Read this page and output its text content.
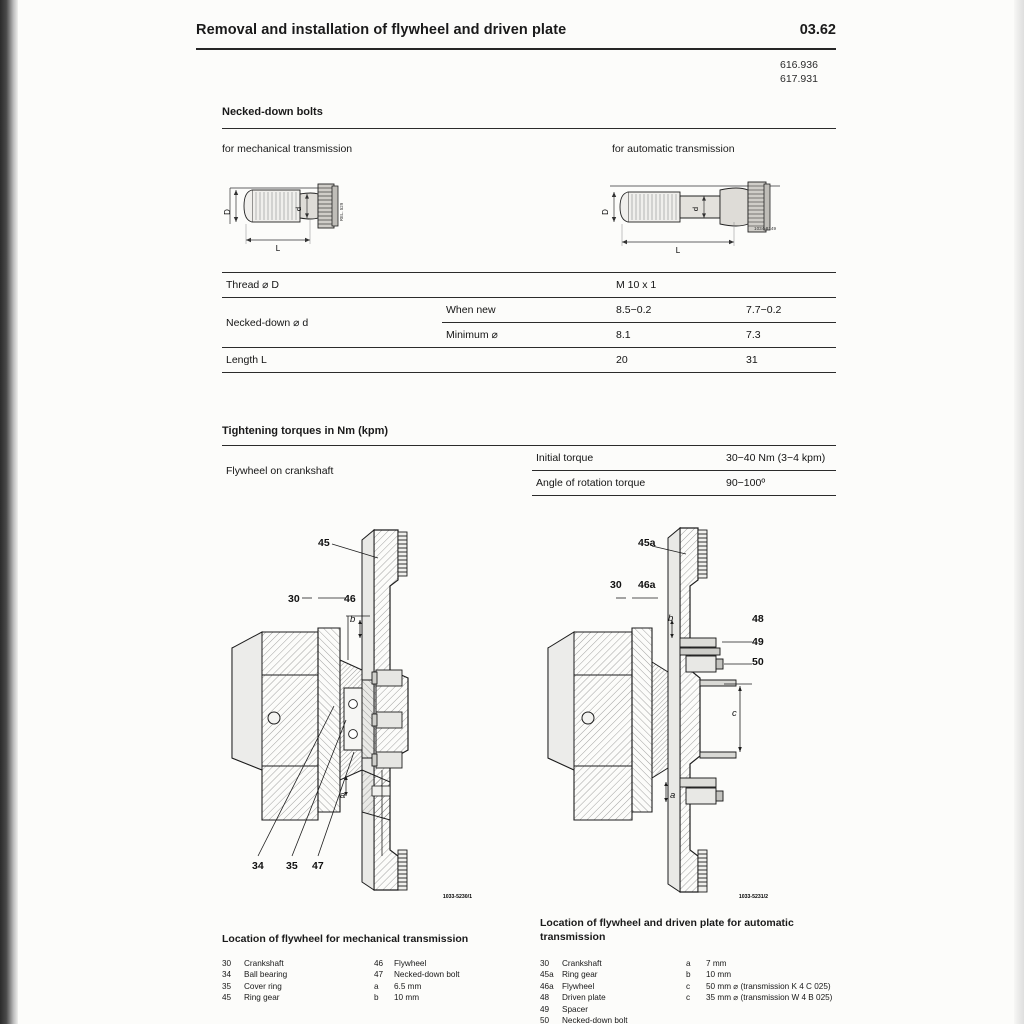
Removal and installation of flywheel and driven plate	03.62
616.936
617.931
Necked-down bolts
for mechanical transmission	for automatic transmission
D
d
L
REL. 529	D
d
L
1034-8149
Thread ⌀ D		M 10 x 1	
Necked-down ⌀ d	When new	8.5−0.2	7.7−0.2
	Minimum ⌀	8.1	7.3
Length L		20	31
Tightening torques in Nm (kpm)
Flywheel on crankshaft	Initial torque	30−40 Nm (3−4 kpm)
	Angle of rotation torque	90−100º
1033-5230/1
45
30	46
b
a
34 35 47
1033-5231/2
45a
30 46a
b
c
a
48
49
50
Location of flywheel for mechanical transmission
Location of flywheel and driven plate for automatic transmission
30	Crankshaft
34	Ball bearing
35	Cover ring
45	Ring gear
46	Flywheel
47	Necked-down bolt
a	6.5 mm
b	10 mm
30	Crankshaft
45a	Ring gear
46a	Flywheel
48	Driven plate
49	Spacer
50	Necked-down bolt
a	7 mm
b	10 mm
c	50 mm ⌀ (transmission K 4 C 025)
c	35 mm ⌀ (transmission W 4 B 025)
